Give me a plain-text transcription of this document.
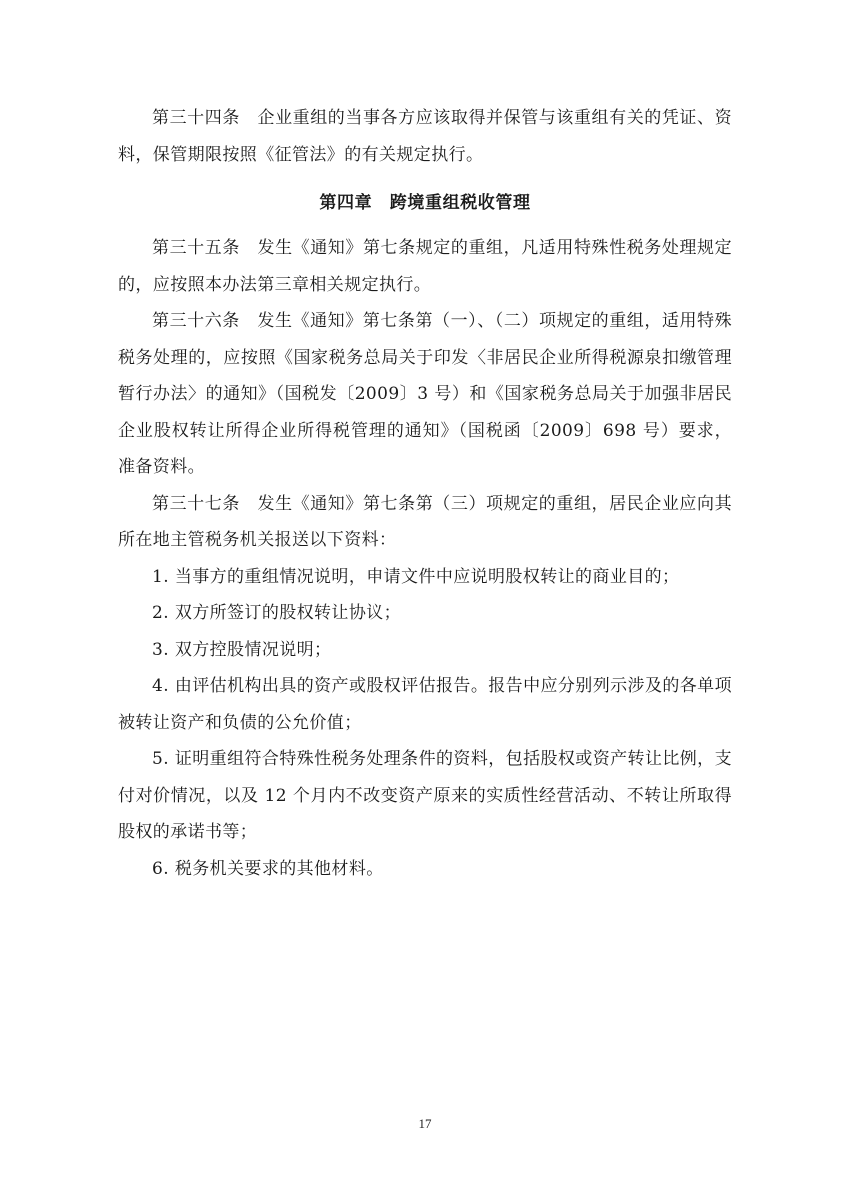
第三十四条　企业重组的当事各方应该取得并保管与该重组有关的凭证、资料，保管期限按照《征管法》的有关规定执行。

第四章　跨境重组税收管理

第三十五条　发生《通知》第七条规定的重组，凡适用特殊性税务处理规定的，应按照本办法第三章相关规定执行。

第三十六条　发生《通知》第七条第（一）、（二）项规定的重组，适用特殊税务处理的，应按照《国家税务总局关于印发〈非居民企业所得税源泉扣缴管理暂行办法〉的通知》（国税发〔2009〕3 号）和《国家税务总局关于加强非居民企业股权转让所得企业所得税管理的通知》（国税函〔2009〕698 号）要求，准备资料。

第三十七条　发生《通知》第七条第（三）项规定的重组，居民企业应向其所在地主管税务机关报送以下资料：

1. 当事方的重组情况说明，申请文件中应说明股权转让的商业目的；

2. 双方所签订的股权转让协议；

3. 双方控股情况说明；

4. 由评估机构出具的资产或股权评估报告。报告中应分别列示涉及的各单项被转让资产和负债的公允价值；

5. 证明重组符合特殊性税务处理条件的资料，包括股权或资产转让比例，支付对价情况，以及 12 个月内不改变资产原来的实质性经营活动、不转让所取得股权的承诺书等；

6. 税务机关要求的其他材料。

17
